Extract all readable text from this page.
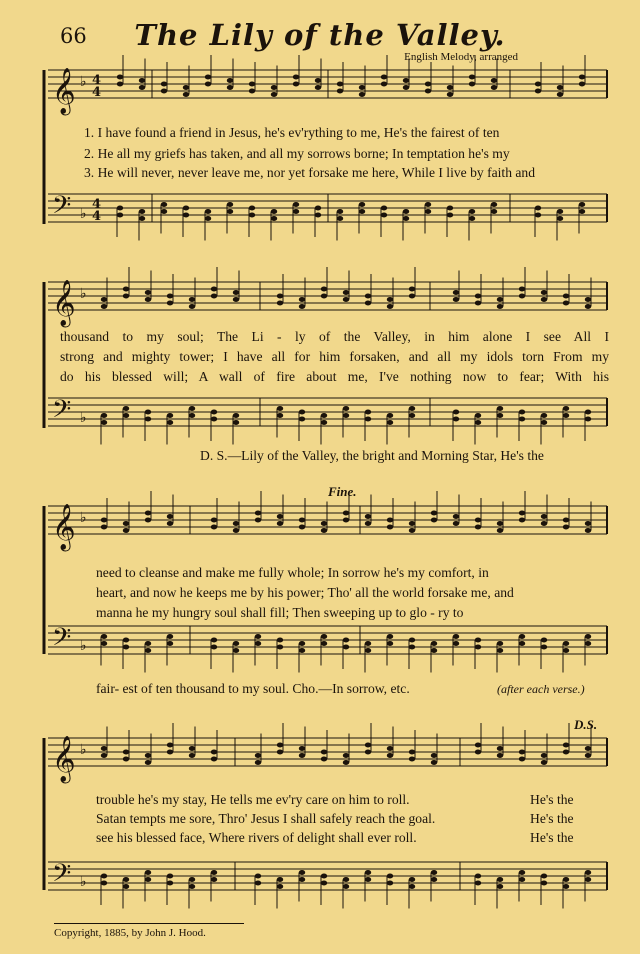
66	The Lily of the Valley.
English Melody, arranged
𝄞
𝄢
♭
♭
4
4
4
4
𝄞
𝄢
♭
♭
𝄞
𝄢
♭
♭
𝄞
𝄢
♭
♭
1. I have found a friend in Jesus, he's ev'rything to me, He's the fairest of ten
2. He all my griefs has taken, and all my sorrows borne; In temptation he's my
3. He will never, never leave me, nor yet forsake me here, While I live by faith and
thousand to my soul; The Li - ly of the Valley, in him alone I see All I
strong and mighty tower; I have all for him forsaken, and all my idols torn From my
do his blessed will; A wall of fire about me, I've nothing now to fear; With his
D. S.—Lily of the Valley, the bright and Morning Star, He's the
Fine.
need to cleanse and make me fully whole; In sorrow he's my comfort, in
heart, and now he keeps me by his power; Tho' all the world forsake me, and
manna he my hungry soul shall fill; Then sweeping up to glo - ry to
fair- est of ten thousand to my soul. Cho.—In sorrow, etc.	(after each verse.)
D.S.
trouble he's my stay, He tells me ev'ry care on him to roll.
Satan tempts me sore, Thro' Jesus I shall safely reach the goal.
see his blessed face, Where rivers of delight shall ever roll.
He's the
He's the
He's the
Copyright, 1885, by John J. Hood.
